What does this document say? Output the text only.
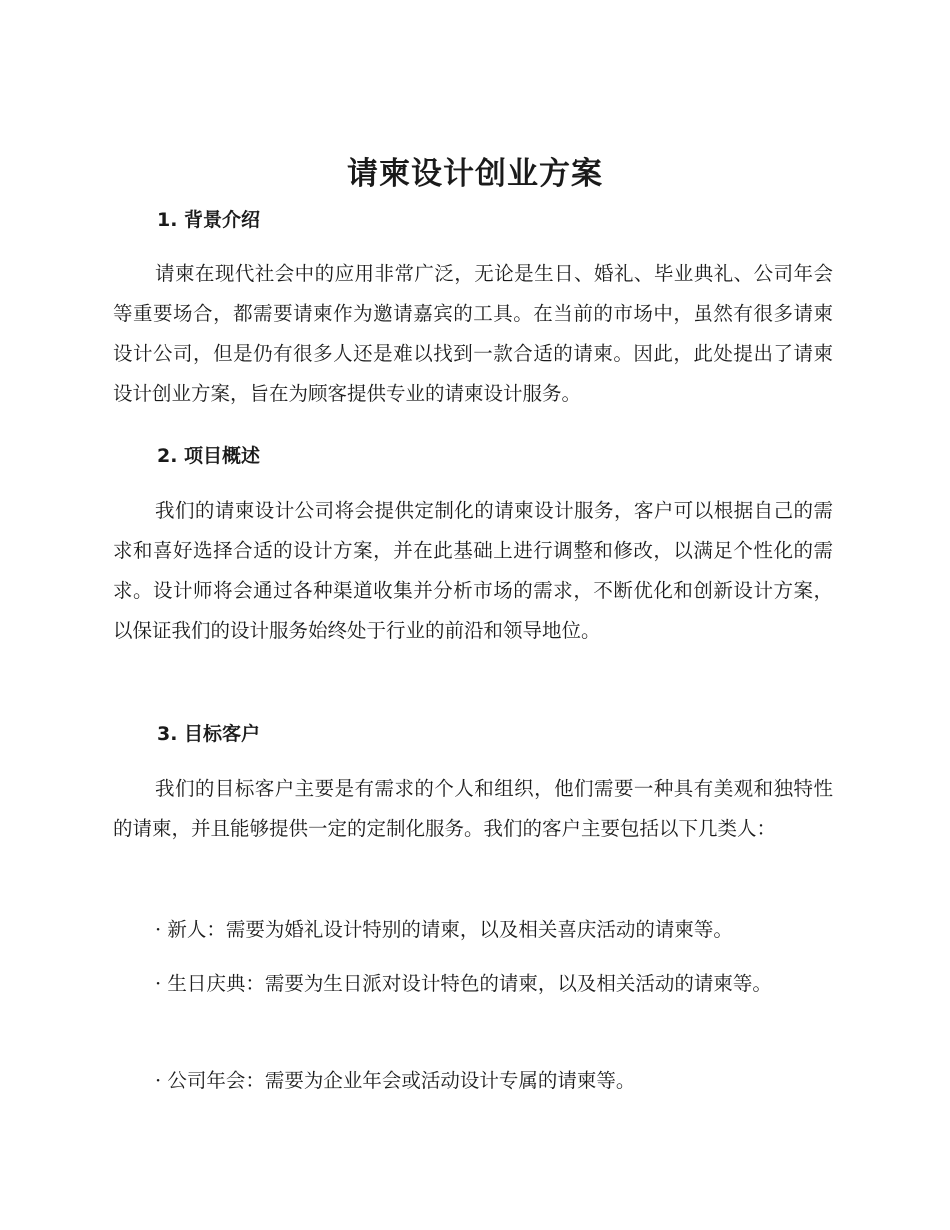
请柬设计创业方案
1. 背景介绍

请柬在现代社会中的应用非常广泛，无论是生日、婚礼、毕业典礼、公司年会等重要场合，都需要请柬作为邀请嘉宾的工具。在当前的市场中，虽然有很多请柬设计公司，但是仍有很多人还是难以找到一款合适的请柬。因此，此处提出了请柬设计创业方案，旨在为顾客提供专业的请柬设计服务。

2. 项目概述

我们的请柬设计公司将会提供定制化的请柬设计服务，客户可以根据自己的需求和喜好选择合适的设计方案，并在此基础上进行调整和修改，以满足个性化的需求。设计师将会通过各种渠道收集并分析市场的需求，不断优化和创新设计方案，以保证我们的设计服务始终处于行业的前沿和领导地位。

3. 目标客户

我们的目标客户主要是有需求的个人和组织，他们需要一种具有美观和独特性的请柬，并且能够提供一定的定制化服务。我们的客户主要包括以下几类人：

· 新人：需要为婚礼设计特别的请柬，以及相关喜庆活动的请柬等。

· 生日庆典：需要为生日派对设计特色的请柬，以及相关活动的请柬等。

· 公司年会：需要为企业年会或活动设计专属的请柬等。
